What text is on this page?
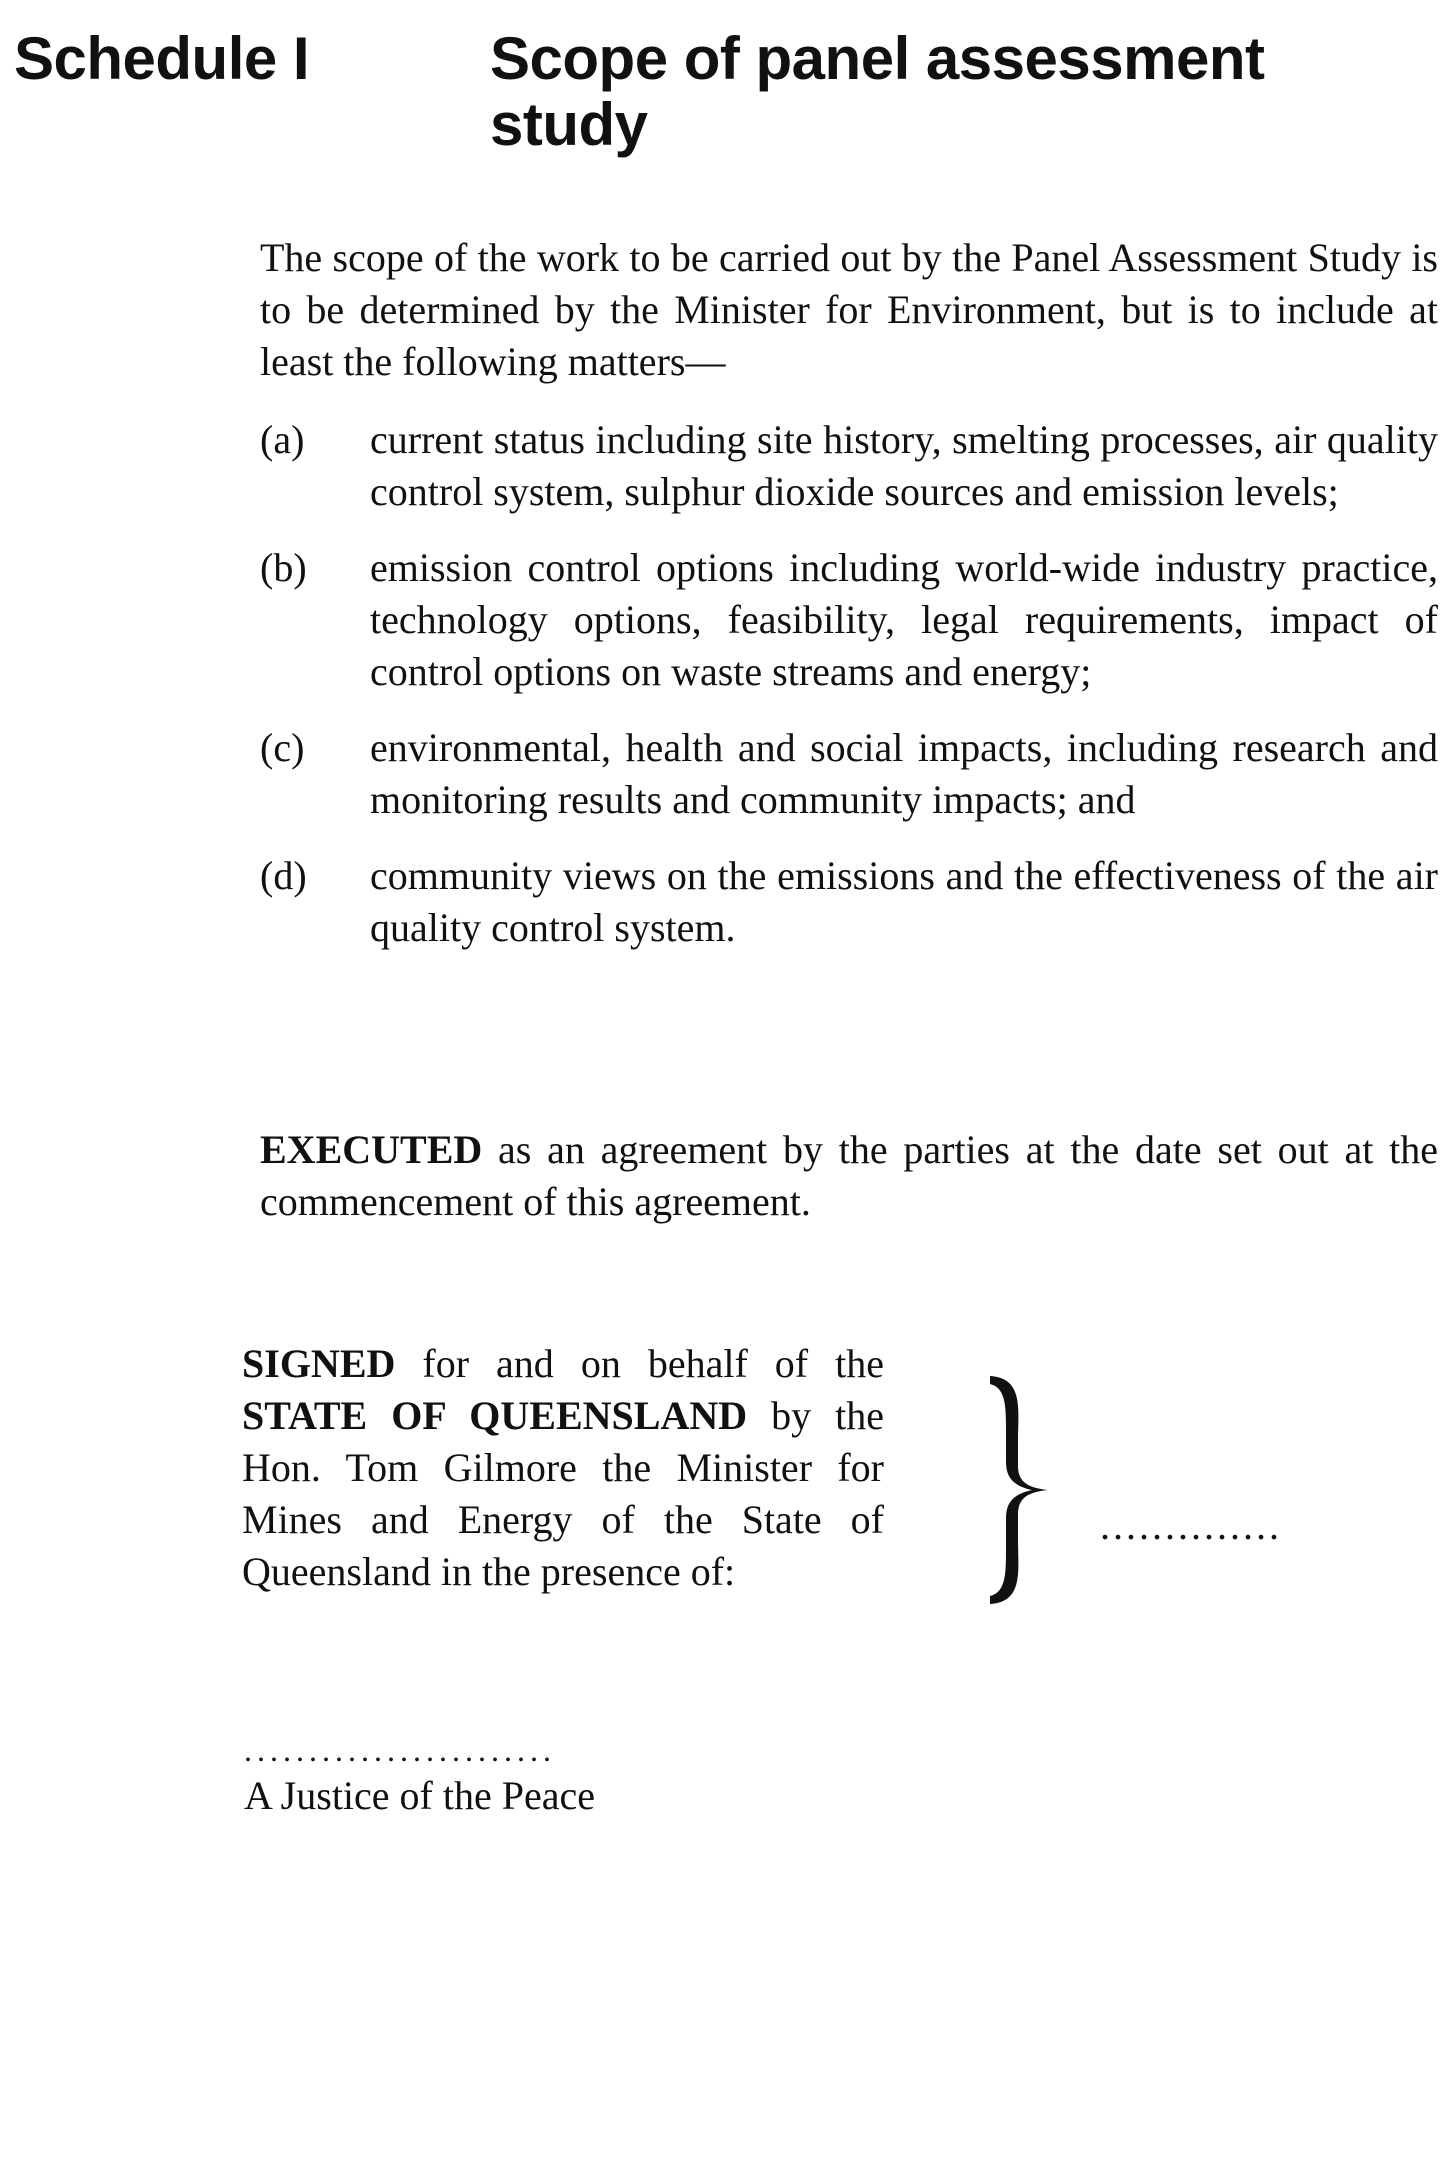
Schedule I	Scope of panel assessment study

The scope of the work to be carried out by the Panel Assessment Study is to be determined by the Minister for Environment, but is to include at least the following matters—

(a)	current status including site history, smelting processes, air quality control system, sulphur dioxide sources and emission levels;
(b)	emission control options including world-wide industry practice, technology options, feasibility, legal requirements, impact of control options on waste streams and energy;
(c)	environmental, health and social impacts, including research and monitoring results and community impacts; and
(d)	community views on the emissions and the effectiveness of the air quality control system.

EXECUTED as an agreement by the parties at the date set out at the commencement of this agreement.

SIGNED for and on behalf of the STATE OF QUEENSLAND by the Hon. Tom Gilmore the Minister for Mines and Energy of the State of Queensland in the presence of:

..............
........................
A Justice of the Peace
